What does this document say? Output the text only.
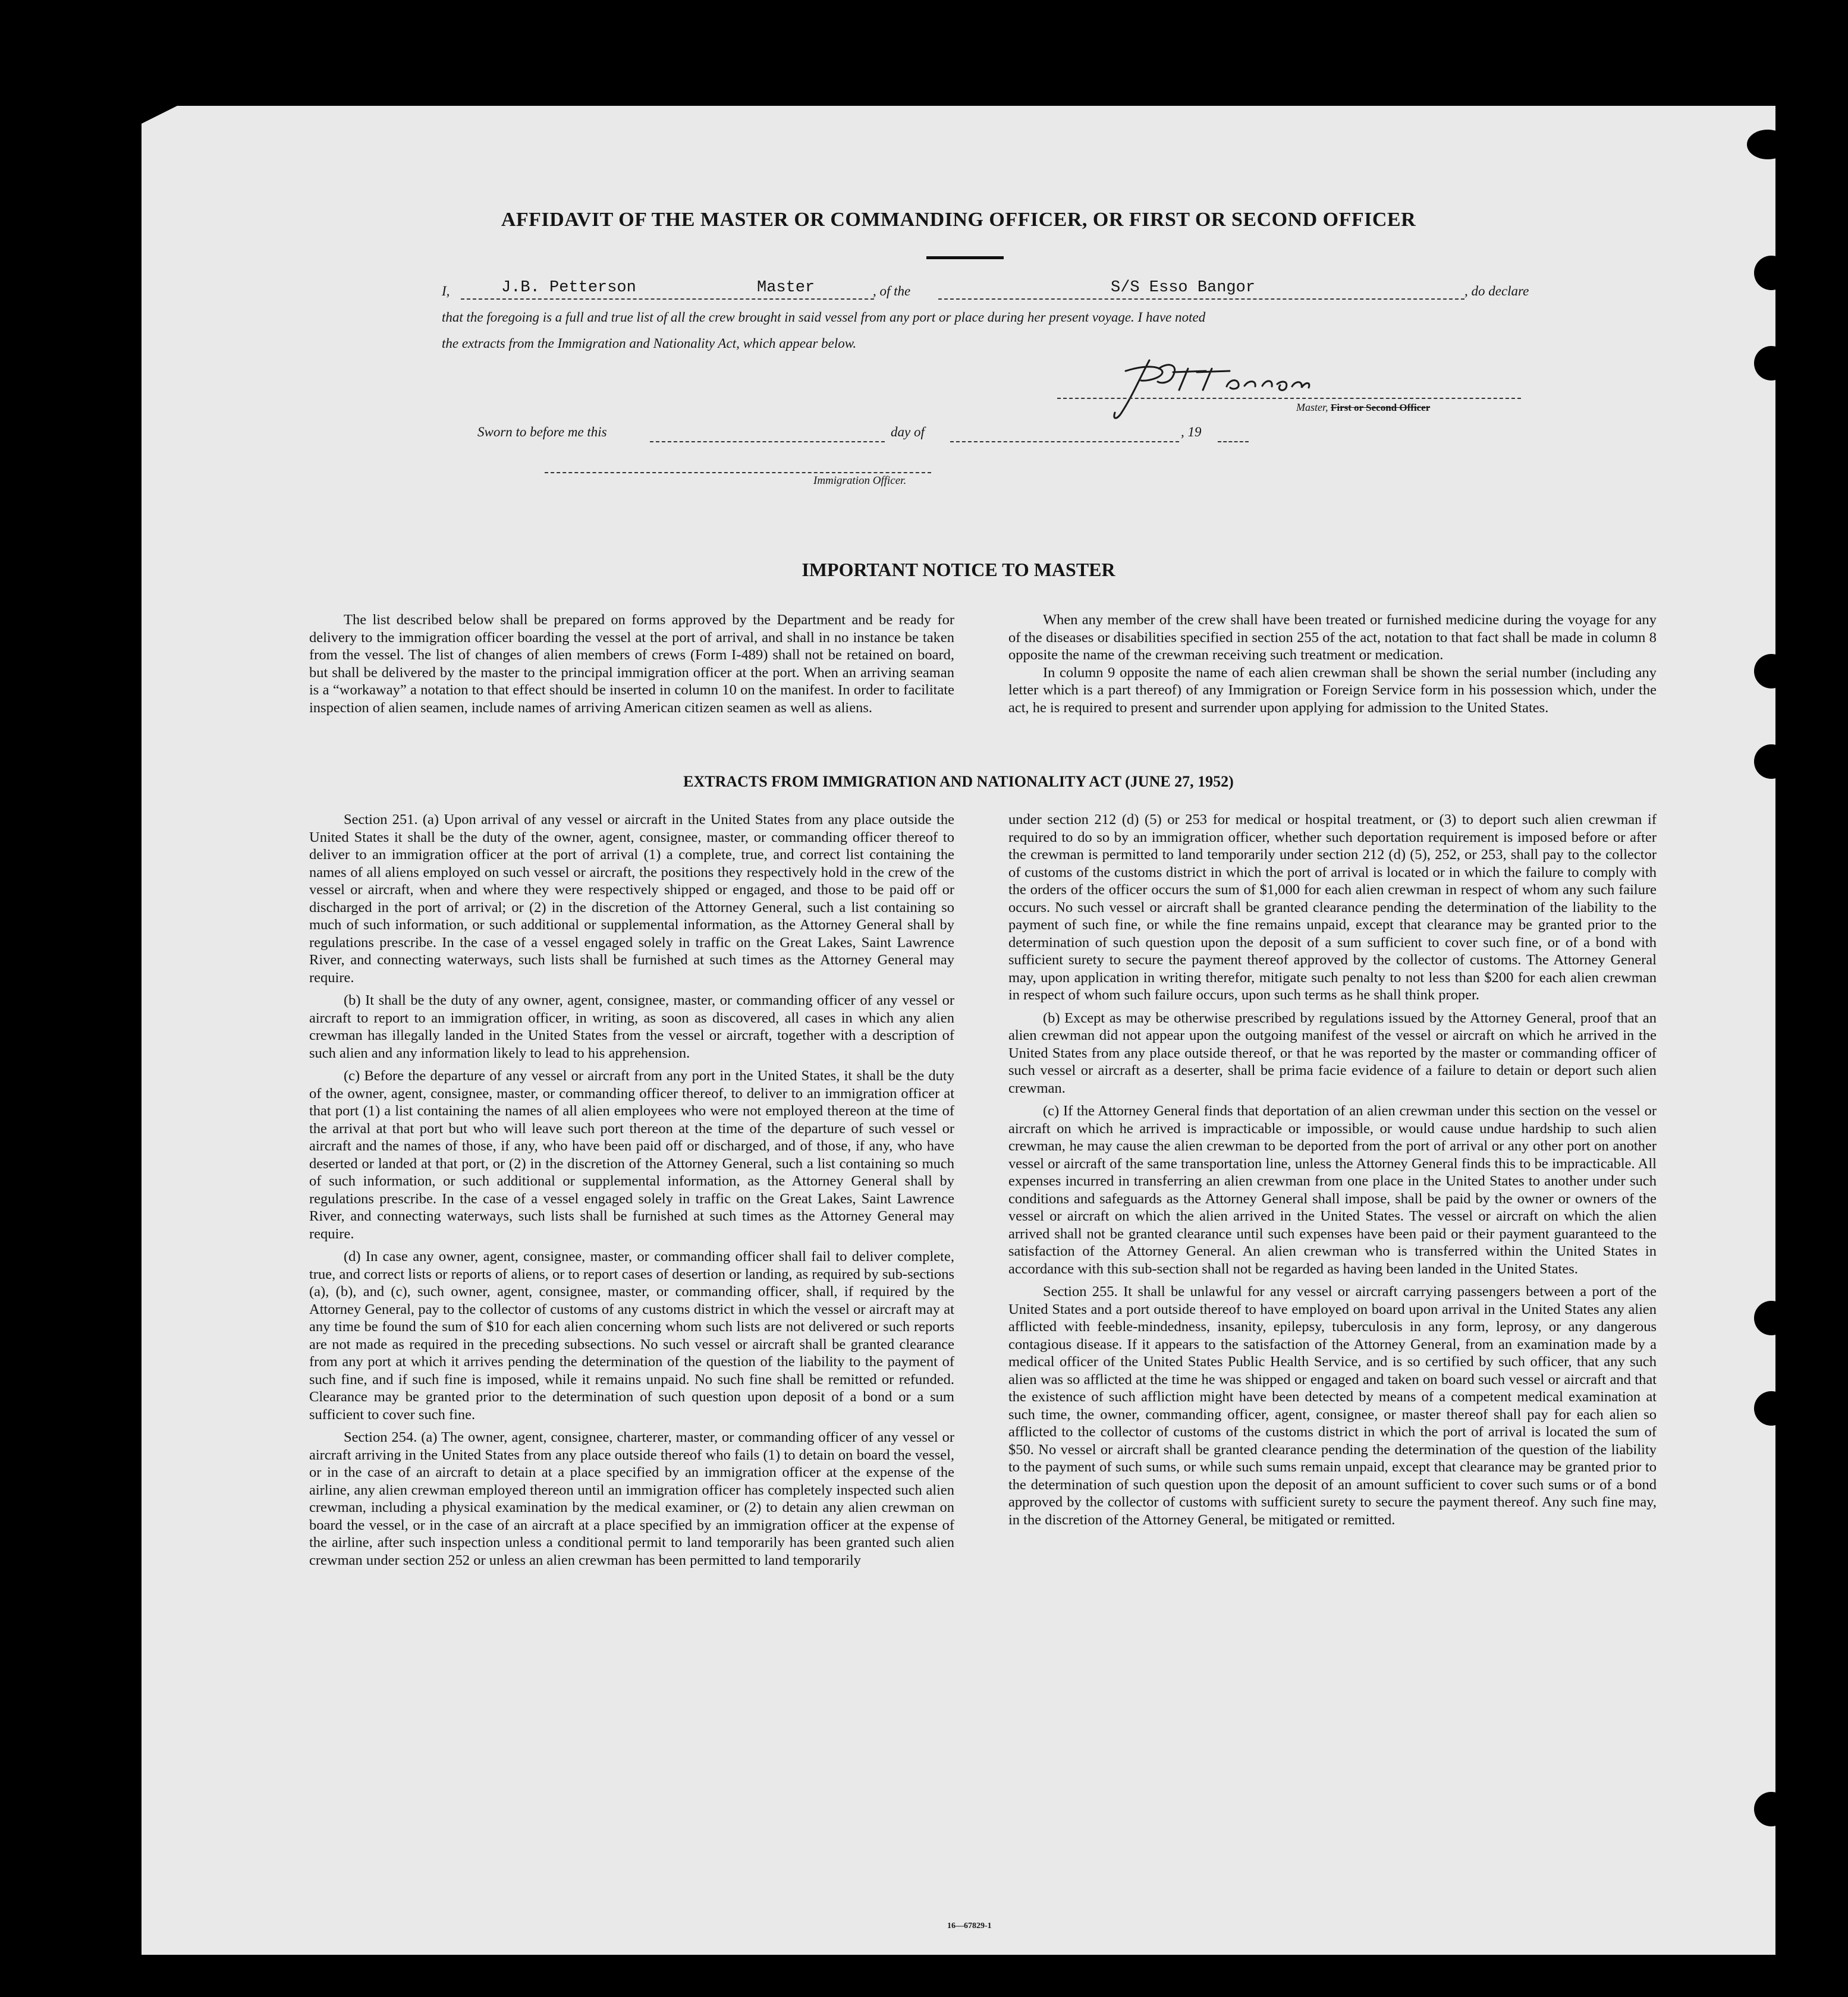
AFFIDAVIT OF THE MASTER OR COMMANDING OFFICER, OR FIRST OR SECOND OFFICER
I,	J.B. Petterson	Master	, of the	S/S Esso Bangor	, do declare
that the foregoing is a full and true list of all the crew brought in said vessel from any port or place during her present voyage. I have noted
the extracts from the Immigration and Nationality Act, which appear below.
Master, First or Second Officer
Sworn to before me this	day of	, 19
Immigration Officer.
IMPORTANT NOTICE TO MASTER

The list described below shall be prepared on forms approved by the Department and be ready for delivery to the immigration officer boarding the vessel at the port of arrival, and shall in no instance be taken from the vessel. The list of changes of alien members of crews (Form I-489) shall not be retained on board, but shall be delivered by the master to the principal immigration officer at the port. When an arriving seaman is a “workaway” a notation to that effect should be inserted in column 10 on the manifest. In order to facilitate inspection of alien seamen, include names of arriving American citizen seamen as well as aliens.

When any member of the crew shall have been treated or furnished medicine during the voyage for any of the diseases or disabilities specified in section 255 of the act, notation to that fact shall be made in column 8 opposite the name of the crewman receiving such treatment or medication.

In column 9 opposite the name of each alien crewman shall be shown the serial number (including any letter which is a part thereof) of any Immigration or Foreign Service form in his possession which, under the act, he is required to present and surrender upon applying for admission to the United States.

EXTRACTS FROM IMMIGRATION AND NATIONALITY ACT (JUNE 27, 1952)

Section 251. (a) Upon arrival of any vessel or aircraft in the United States from any place outside the United States it shall be the duty of the owner, agent, consignee, master, or commanding officer thereof to deliver to an immigration officer at the port of arrival (1) a complete, true, and correct list containing the names of all aliens employed on such vessel or aircraft, the positions they respectively hold in the crew of the vessel or aircraft, when and where they were respectively shipped or engaged, and those to be paid off or discharged in the port of arrival; or (2) in the discretion of the Attorney General, such a list containing so much of such information, or such additional or supplemental information, as the Attorney General shall by regulations prescribe. In the case of a vessel engaged solely in traffic on the Great Lakes, Saint Lawrence River, and connecting waterways, such lists shall be furnished at such times as the Attorney General may require.

(b) It shall be the duty of any owner, agent, consignee, master, or commanding officer of any vessel or aircraft to report to an immigration officer, in writing, as soon as discovered, all cases in which any alien crewman has illegally landed in the United States from the vessel or aircraft, together with a description of such alien and any information likely to lead to his apprehension.

(c) Before the departure of any vessel or aircraft from any port in the United States, it shall be the duty of the owner, agent, consignee, master, or commanding officer thereof, to deliver to an immigration officer at that port (1) a list containing the names of all alien employees who were not employed thereon at the time of the arrival at that port but who will leave such port thereon at the time of the departure of such vessel or aircraft and the names of those, if any, who have been paid off or discharged, and of those, if any, who have deserted or landed at that port, or (2) in the discretion of the Attorney General, such a list containing so much of such information, or such additional or supplemental information, as the Attorney General shall by regulations prescribe. In the case of a vessel engaged solely in traffic on the Great Lakes, Saint Lawrence River, and connecting waterways, such lists shall be furnished at such times as the Attorney General may require.

(d) In case any owner, agent, consignee, master, or commanding officer shall fail to deliver complete, true, and correct lists or reports of aliens, or to report cases of desertion or landing, as required by sub-sections (a), (b), and (c), such owner, agent, consignee, master, or commanding officer, shall, if required by the Attorney General, pay to the collector of customs of any customs district in which the vessel or aircraft may at any time be found the sum of $10 for each alien concerning whom such lists are not delivered or such reports are not made as required in the preceding subsections. No such vessel or aircraft shall be granted clearance from any port at which it arrives pending the determination of the question of the liability to the payment of such fine, and if such fine is imposed, while it remains unpaid. No such fine shall be remitted or refunded. Clearance may be granted prior to the determination of such question upon deposit of a bond or a sum sufficient to cover such fine.

Section 254. (a) The owner, agent, consignee, charterer, master, or commanding officer of any vessel or aircraft arriving in the United States from any place outside thereof who fails (1) to detain on board the vessel, or in the case of an aircraft to detain at a place specified by an immigration officer at the expense of the airline, any alien crewman employed thereon until an immigration officer has completely inspected such alien crewman, including a physical examination by the medical examiner, or (2) to detain any alien crewman on board the vessel, or in the case of an aircraft at a place specified by an immigration officer at the expense of the airline, after such inspection unless a conditional permit to land temporarily has been granted such alien crewman under section 252 or unless an alien crewman has been permitted to land temporarily

under section 212 (d) (5) or 253 for medical or hospital treatment, or (3) to deport such alien crewman if required to do so by an immigration officer, whether such deportation requirement is imposed before or after the crewman is permitted to land temporarily under section 212 (d) (5), 252, or 253, shall pay to the collector of customs of the customs district in which the port of arrival is located or in which the failure to comply with the orders of the officer occurs the sum of $1,000 for each alien crewman in respect of whom any such failure occurs. No such vessel or aircraft shall be granted clearance pending the determination of the liability to the payment of such fine, or while the fine remains unpaid, except that clearance may be granted prior to the determination of such question upon the deposit of a sum sufficient to cover such fine, or of a bond with sufficient surety to secure the payment thereof approved by the collector of customs. The Attorney General may, upon application in writing therefor, mitigate such penalty to not less than $200 for each alien crewman in respect of whom such failure occurs, upon such terms as he shall think proper.

(b) Except as may be otherwise prescribed by regulations issued by the Attorney General, proof that an alien crewman did not appear upon the outgoing manifest of the vessel or aircraft on which he arrived in the United States from any place outside thereof, or that he was reported by the master or commanding officer of such vessel or aircraft as a deserter, shall be prima facie evidence of a failure to detain or deport such alien crewman.

(c) If the Attorney General finds that deportation of an alien crewman under this section on the vessel or aircraft on which he arrived is impracticable or impossible, or would cause undue hardship to such alien crewman, he may cause the alien crewman to be deported from the port of arrival or any other port on another vessel or aircraft of the same transportation line, unless the Attorney General finds this to be impracticable. All expenses incurred in transferring an alien crewman from one place in the United States to another under such conditions and safeguards as the Attorney General shall impose, shall be paid by the owner or owners of the vessel or aircraft on which the alien arrived in the United States. The vessel or aircraft on which the alien arrived shall not be granted clearance until such expenses have been paid or their payment guaranteed to the satisfaction of the Attorney General. An alien crewman who is transferred within the United States in accordance with this sub-section shall not be regarded as having been landed in the United States.

Section 255. It shall be unlawful for any vessel or aircraft carrying passengers between a port of the United States and a port outside thereof to have employed on board upon arrival in the United States any alien afflicted with feeble-mindedness, insanity, epilepsy, tuberculosis in any form, leprosy, or any dangerous contagious disease. If it appears to the satisfaction of the Attorney General, from an examination made by a medical officer of the United States Public Health Service, and is so certified by such officer, that any such alien was so afflicted at the time he was shipped or engaged and taken on board such vessel or aircraft and that the existence of such affliction might have been detected by means of a competent medical examination at such time, the owner, commanding officer, agent, consignee, or master thereof shall pay for each alien so afflicted to the collector of customs of the customs district in which the port of arrival is located the sum of $50. No vessel or aircraft shall be granted clearance pending the determination of the question of the liability to the payment of such sums, or while such sums remain unpaid, except that clearance may be granted prior to the determination of such question upon the deposit of an amount sufficient to cover such sums or of a bond approved by the collector of customs with sufficient surety to secure the payment thereof. Any such fine may, in the discretion of the Attorney General, be mitigated or remitted.

16—67829-1
